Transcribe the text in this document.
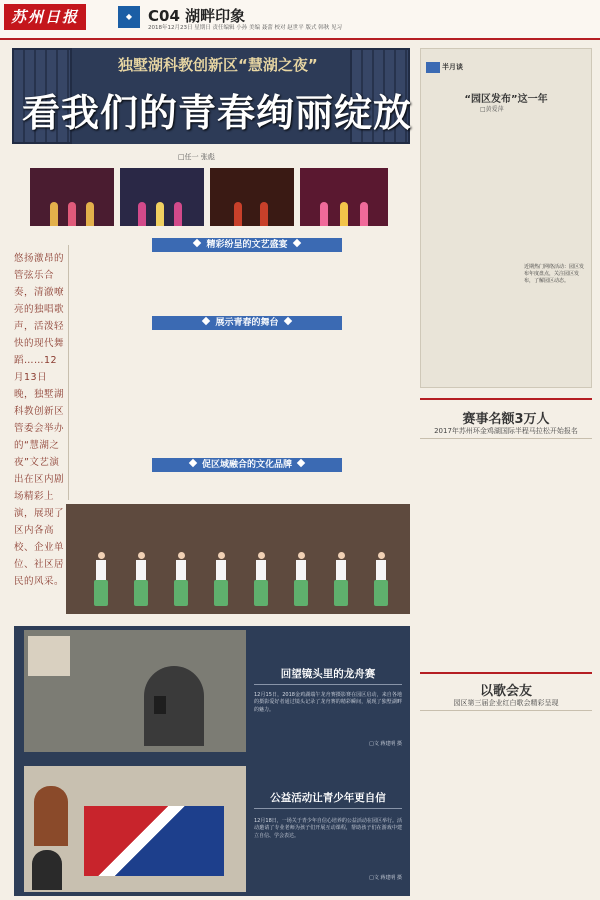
苏州日报	◆	C04 湖畔印象
2018年12月23日 星期日 责任编辑 小孙 美编 聂蕾 校对 赵世平 版式 韩秋 见习
独墅湖科教创新区“慧湖之夜”
看我们的青春绚丽绽放
□任一 张彪
悠扬激昂的管弦乐合奏，清澈嘹亮的独唱歌声，活泼轻快的现代舞蹈……12月13日晚，独墅湖科教创新区管委会举办的“慧湖之夜”文艺演出在区内剧场精彩上演，展现了区内各高校、企业单位、社区居民的风采。
精彩纷呈的文艺盛宴
展示青春的舞台
促区域融合的文化品牌
回望镜头里的龙舟赛
12月15日，2018金鸡湖端午龙舟赛摄影赛在园区启动，来自各地的摄影爱好者通过镜头记录了龙舟赛的精彩瞬间，展现了独墅湖畔的魅力。
□文 蒋建明 摄
公益活动让青少年更自信
12月18日，一场关于青少年自信心培养的公益活动在园区举行。活动邀请了专业老师为孩子们开展互动课程，帮助孩子们在游戏中建立自信、学会表达。
□文 蒋建明 摄
半月谈
“园区发布”这一年
□黄爱萍
近期热门网络活动：园区发布年度盘点，关注园区发布，了解园区动态。
赛事名额3万人
2017年苏州环金鸡湖国际半程马拉松开始报名
以歌会友
园区第三届企业红白歌会精彩呈现
